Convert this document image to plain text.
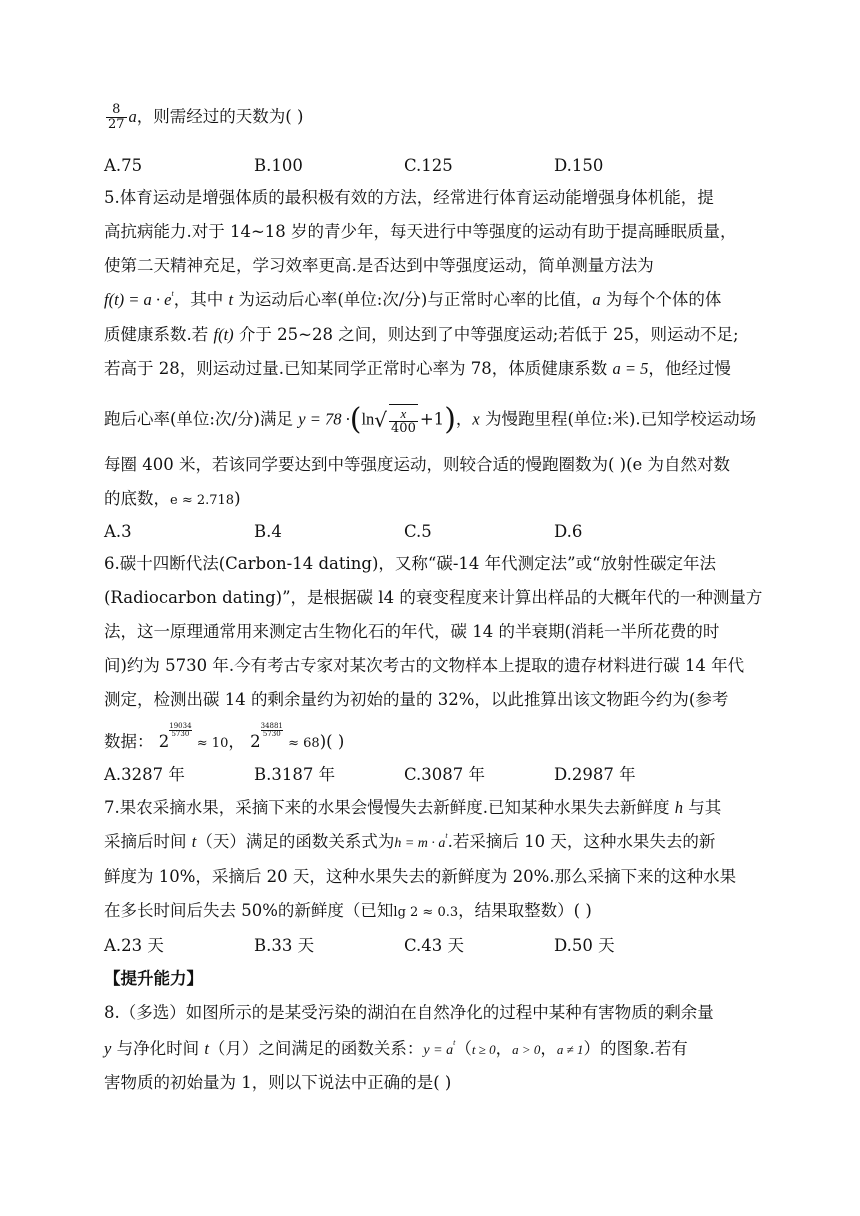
$\frac{8}{27}$ a，则需经过的天数为( )
A.75	B.100	C.125	D.150
5.体育运动是增强体质的最积极有效的方法，经常进行体育运动能增强身体机能，提
高抗病能力.对于 14~18 岁的青少年，每天进行中等强度的运动有助于提高睡眠质量，
使第二天精神充足，学习效率更高.是否达到中等强度运动，简单测量方法为
$f(t) = a \cdot e^t$，其中 t 为运动后心率(单位:次/分)与正常时心率的比值，a 为每个个体的体
质健康系数.若 f(t) 介于 25~28 之间，则达到了中等强度运动;若低于 25，则运动不足;
若高于 28，则运动过量.已知某同学正常时心率为 78，体质健康系数 a = 5，他经过慢
跑后心率(单位:次/分)满足 $y = 78 \cdot(\ln√ \frac{x}{400} +1)$，x 为慢跑里程(单位:米).已知学校运动场
每圈 400 米，若该同学要达到中等强度运动，则较合适的慢跑圈数为( )(e 为自然对数
的底数，e ≈ 2.718)
A.3	B.4	C.5	D.6
6.碳十四断代法(Carbon-14 dating)，又称“碳-14 年代测定法”或“放射性碳定年法
(Radiocarbon dating)”，是根据碳 l4 的衰变程度来计算出样品的大概年代的一种测量方
法，这一原理通常用来测定古生物化石的年代，碳 14 的半衰期(消耗一半所花费的时
间)约为 5730 年.今有考古专家对某次考古的文物样本上提取的遗存材料进行碳 14 年代
测定，检测出碳 14 的剩余量约为初始的量的 32%，以此推算出该文物距今约为(参考
数据： 2
$\frac{19034}{5730} \approx 10$， 2
$\frac{34881}{5730} \approx 68$)( )
A.3287 年	B.3187 年	C.3087 年	D.2987 年
7.果农采摘水果，采摘下来的水果会慢慢失去新鲜度.已知某种水果失去新鲜度 h 与其
采摘后时间 t（天）满足的函数关系式为$h = m \cdot a^t$.若采摘后 10 天，这种水果失去的新
鲜度为 10%，采摘后 20 天，这种水果失去的新鲜度为 20%.那么采摘下来的这种水果
在多长时间后失去 50%的新鲜度（已知lg 2 ≈ 0.3，结果取整数）( )
A.23 天	B.33 天	C.43 天	D.50 天
【提升能力】
8.（多选）如图所示的是某受污染的湖泊在自然净化的过程中某种有害物质的剩余量
y 与净化时间 t（月）之间满足的函数关系：$y = a^t(t \ge 0$，a > 0，a ≠ 1）的图象.若有
害物质的初始量为 1，则以下说法中正确的是( )
